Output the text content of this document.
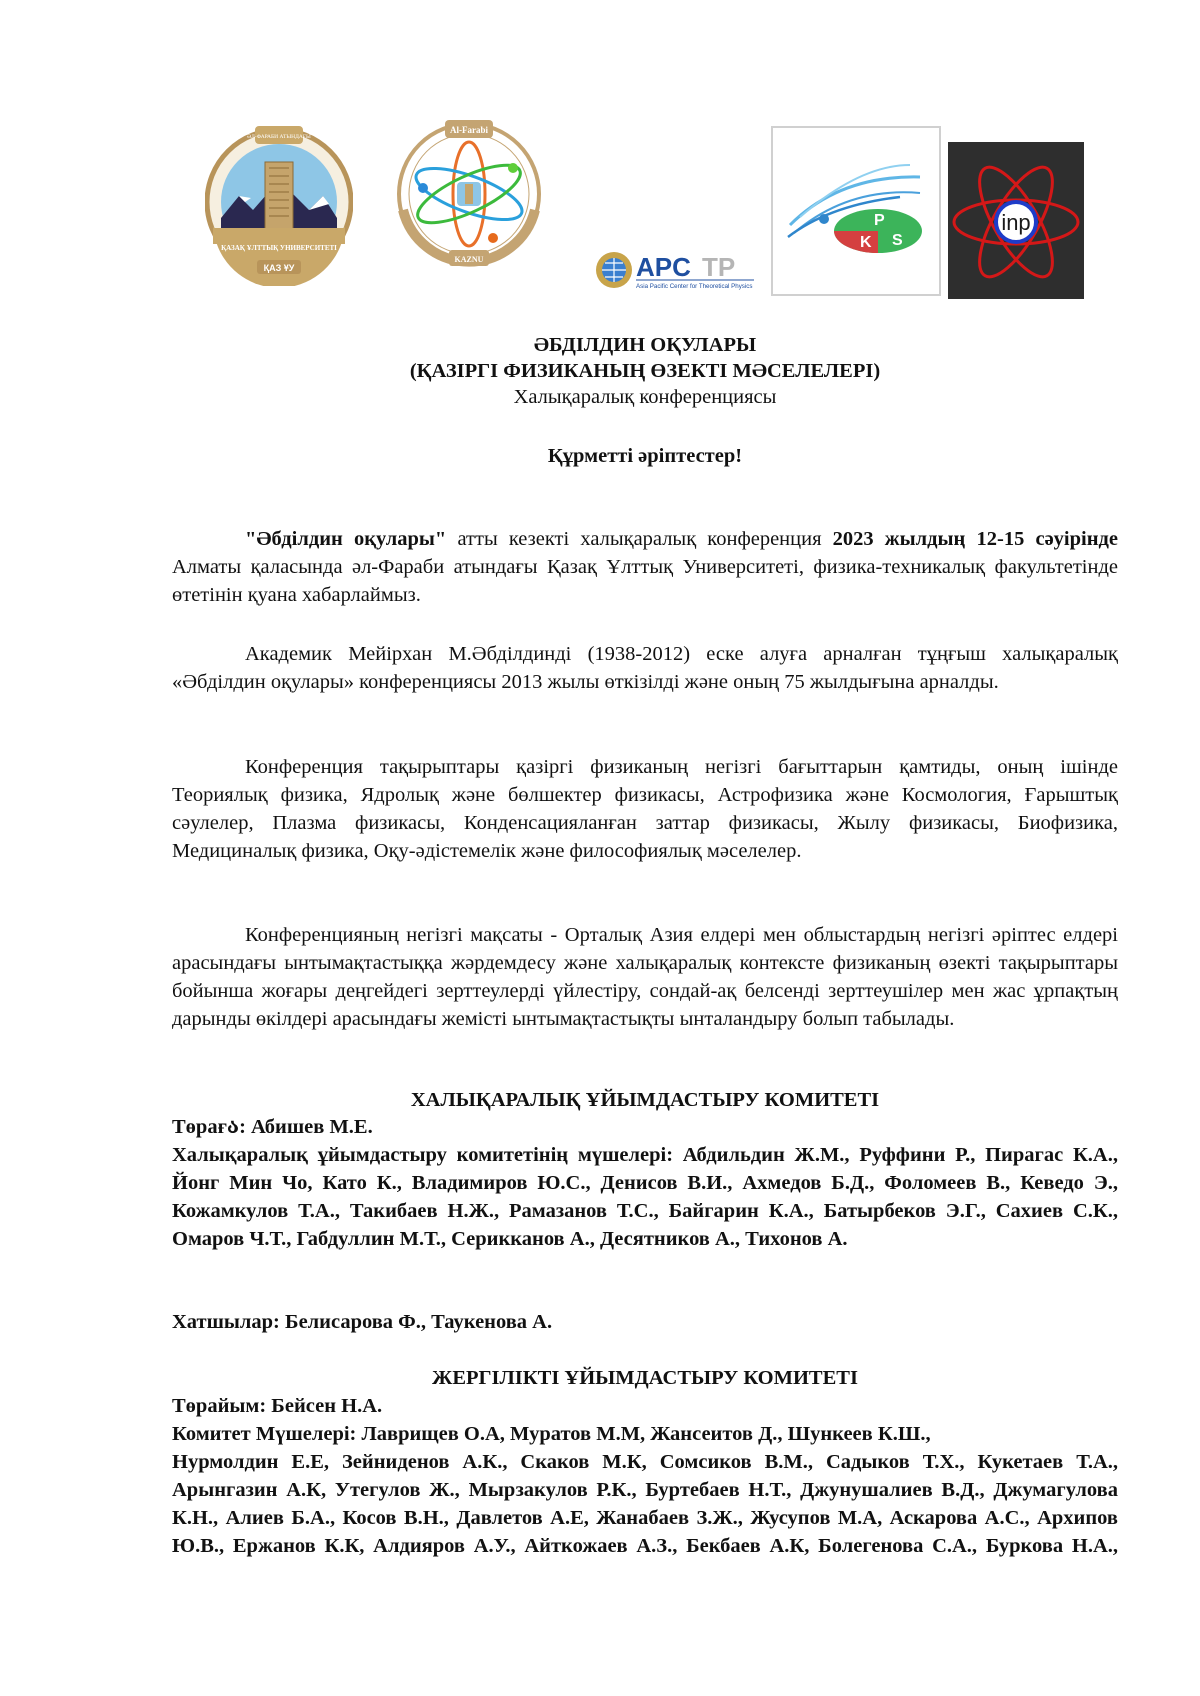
ҚАЗАҚ ҰЛТТЫҚ УНИВЕРСИТЕТІ
ҚАЗ ҰУ
ӘЛ-ФАРАБИ АТЫНДАҒЫ
Al-Farabi
KAZNU	APC TP
Asia Pacific Center for Theoretical Physics
K
P
S
inp
ӘБДІЛДИН ОҚУЛАРЫ
(ҚАЗІРГІ ФИЗИКАНЫҢ ӨЗЕКТІ МӘСЕЛЕЛЕРІ)
Халықаралық конференциясы
Құрметті әріптестер!

"Әбділдин оқулары" атты кезекті халықаралық конференция 2023 жылдың 12-15 сәуірінде Алматы қаласында әл-Фараби атындағы Қазақ Ұлттық Университеті, физика-техникалық факультетінде өтетінін қуана хабарлаймыз.

Академик Мейірхан М.Әбділдинді (1938-2012) еске алуға арналған тұңғыш халықаралық «Әбділдин оқулары» конференциясы 2013 жылы өткізілді және оның 75 жылдығына арналды.

Конференция тақырыптары қазіргі физиканың негізгі бағыттарын қамтиды, оның ішінде Теориялық физика, Ядролық және бөлшектер физикасы, Астрофизика және Космология, Ғарыштық сәулелер, Плазма физикасы, Конденсацияланған заттар физикасы, Жылу физикасы, Биофизика, Медициналық физика, Оқу-әдістемелік және философиялық мәселелер.

Конференцияның негізгі мақсаты - Орталық Азия елдері мен облыстардың негізгі әріптес елдері арасындағы ынтымақтастыққа жәрдемдесу және халықаралық контексте физиканың өзекті тақырыптары бойынша жоғары деңгейдегі зерттеулерді үйлестіру, сондай-ақ белсенді зерттеушілер мен жас ұрпақтың дарынды өкілдері арасындағы жемісті ынтымақтастықты ынталандыру болып табылады.

ХАЛЫҚАРАЛЫҚ ҰЙЫМДАСТЫРУ КОМИТЕТІ
Төрағა: Абишев М.Е.

Халықаралық ұйымдастыру комитетінің мүшелері: Абдильдин Ж.М., Руффини Р., Пирагас К.А., Йонг Мин Чо, Като К., Владимиров Ю.С., Денисов В.И., Ахмедов Б.Д., Фоломеев В., Кеведо Э., Кожамкулов Т.А., Такибаев Н.Ж., Рамазанов Т.С., Байгарин К.А., Батырбеков Э.Г., Сахиев С.К., Омаров Ч.Т., Габдуллин М.Т., Серикканов А., Десятников А., Тихонов А.

Хатшылар: Белисарова Ф., Таукенова А.
ЖЕРГІЛІКТІ ҰЙЫМДАСТЫРУ КОМИТЕТІ
Төрайым: Бейсен Н.А.
Комитет Мүшелері: Лаврищев О.А, Муратов М.М, Жансеитов Д., Шункеев К.Ш.,

Нурмолдин Е.Е, Зейниденов А.К., Скаков М.К, Сомсиков В.М., Садыков Т.Х., Кукетаев Т.А., Арынгазин А.К, Утегулов Ж., Мырзакулов Р.К., Буртебаев Н.Т., Джунушалиев В.Д., Джумагулова К.Н., Алиев Б.А., Косов В.Н., Давлетов А.Е, Жанабаев З.Ж., Жусупов М.А, Аскарова А.С., Архипов Ю.В., Ержанов К.К, Алдияров А.У., Айткожаев А.З., Бекбаев А.К, Болегенова С.А., Буркова Н.А.,
